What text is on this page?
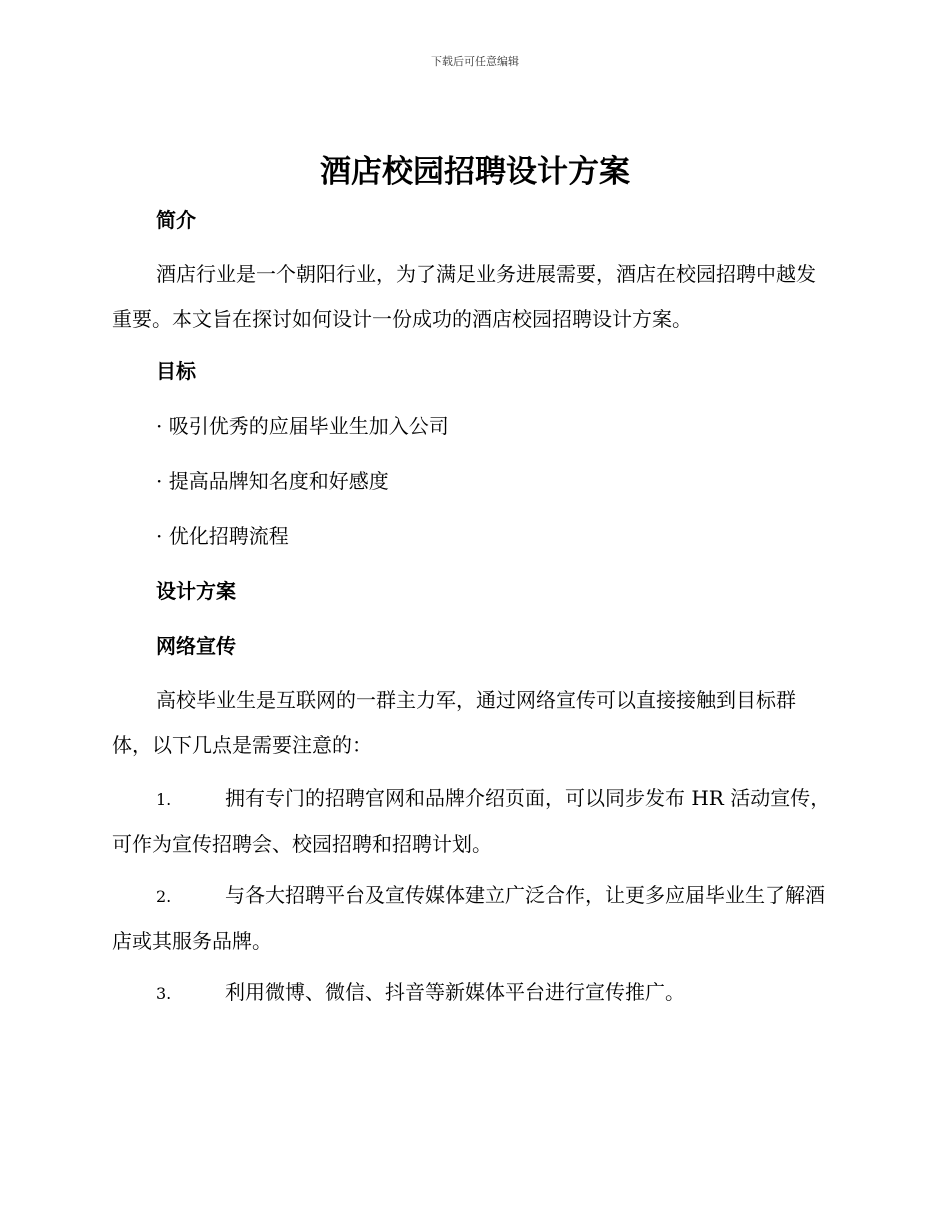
下载后可任意编辑
酒店校园招聘设计方案
简介

酒店行业是一个朝阳行业，为了满足业务进展需要，酒店在校园招聘中越发重要。本文旨在探讨如何设计一份成功的酒店校园招聘设计方案。

目标
· 吸引优秀的应届毕业生加入公司
· 提高品牌知名度和好感度
· 优化招聘流程
设计方案
网络宣传

高校毕业生是互联网的一群主力军，通过网络宣传可以直接接触到目标群体，以下几点是需要注意的：

1.	拥有专门的招聘官网和品牌介绍页面，可以同步发布 HR 活动宣传，可作为宣传招聘会、校园招聘和招聘计划。

2.	与各大招聘平台及宣传媒体建立广泛合作，让更多应届毕业生了解酒店或其服务品牌。

3.	利用微博、微信、抖音等新媒体平台进行宣传推广。
